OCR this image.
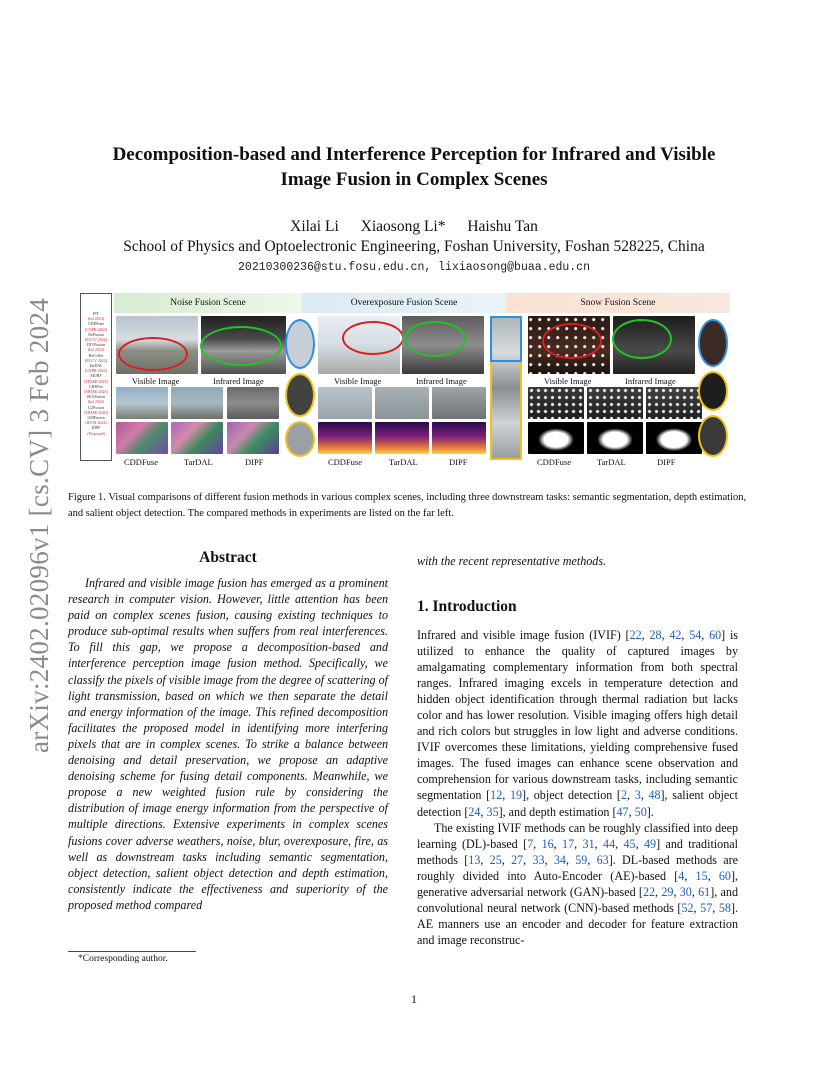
arXiv:2402.02096v1 [cs.CV] 3 Feb 2024
Decomposition-based and Interference Perception for Infrared and Visible
Image Fusion in Complex Scenes
Xilai Li Xiaosong Li* Haishu Tan
School of Physics and Optoelectronic Engineering, Foshan University, Foshan 528225, China
20210300236@stu.fosu.edu.cn, lixiaosong@buaa.edu.cn
PIT
(Inf 2023)
CDDFuse
(CVPR 2023)
DeFusion
(ECCV 2022)
DIVFusion
(Inf 2023)
ReCoNet
(ECCV 2022)
TarDAL
(CVPR 2022)
MURF
(TPAMI 2023)
LRRNet
(TPAMI 2023)
SEAFusion
(Inf 2022)
U2Fusion
(TPAMI 2020)
UMFusion
(IJCAI 2022)
DIPF
(Proposed)
Noise Fusion Scene	Overexposure Fusion Scene	Snow Fusion Scene
Visible Image	Infrared Image
CDDFuse	TarDAL	DIPF
Visible Image	Infrared Image
CDDFuse	TarDAL	DIPF
Visible Image	Infrared Image
CDDFuse	TarDAL	DIPF
Figure 1. Visual comparisons of different fusion methods in various complex scenes, including three downstream tasks: semantic segmentation, depth estimation, and salient object detection. The compared methods in experiments are listed on the far left.
Abstract

Infrared and visible image fusion has emerged as a prominent research in computer vision. However, little attention has been paid on complex scenes fusion, causing existing techniques to produce sub-optimal results when suffers from real interferences. To fill this gap, we propose a decomposition-based and interference perception image fusion method. Specifically, we classify the pixels of visible image from the degree of scattering of light transmission, based on which we then separate the detail and energy information of the image. This refined decomposition facilitates the proposed model in identifying more interfering pixels that are in complex scenes. To strike a balance between denoising and detail preservation, we propose an adaptive denoising scheme for fusing detail components. Meanwhile, we propose a new weighted fusion rule by considering the distribution of image energy information from the perspective of multiple directions. Extensive experiments in complex scenes fusions cover adverse weathers, noise, blur, overexposure, fire, as well as downstream tasks including semantic segmentation, object detection, salient object detection and depth estimation, consistently indicate the effectiveness and superiority of the proposed method compared

*Corresponding author.
with the recent representative methods.
1. Introduction

Infrared and visible image fusion (IVIF) [22, 28, 42, 54, 60] is utilized to enhance the quality of captured images by amalgamating complementary information from both spectral ranges. Infrared imaging excels in temperature detection and hidden object identification through thermal radiation but lacks color and has lower resolution. Visible imaging offers high detail and rich colors but struggles in low light and adverse conditions. IVIF overcomes these limitations, yielding comprehensive fused images. The fused images can enhance scene observation and comprehension for various downstream tasks, including semantic segmentation [12, 19], object detection [2, 3, 48], salient object detection [24, 35], and depth estimation [47, 50].

The existing IVIF methods can be roughly classified into deep learning (DL)-based [7, 16, 17, 31, 44, 45, 49] and traditional methods [13, 25, 27, 33, 34, 59, 63]. DL-based methods are roughly divided into Auto-Encoder (AE)-based [4, 15, 60], generative adversarial network (GAN)-based [22, 29, 30, 61], and convolutional neural network (CNN)-based methods [52, 57, 58]. AE manners use an encoder and decoder for feature extraction and image reconstruc-

1
